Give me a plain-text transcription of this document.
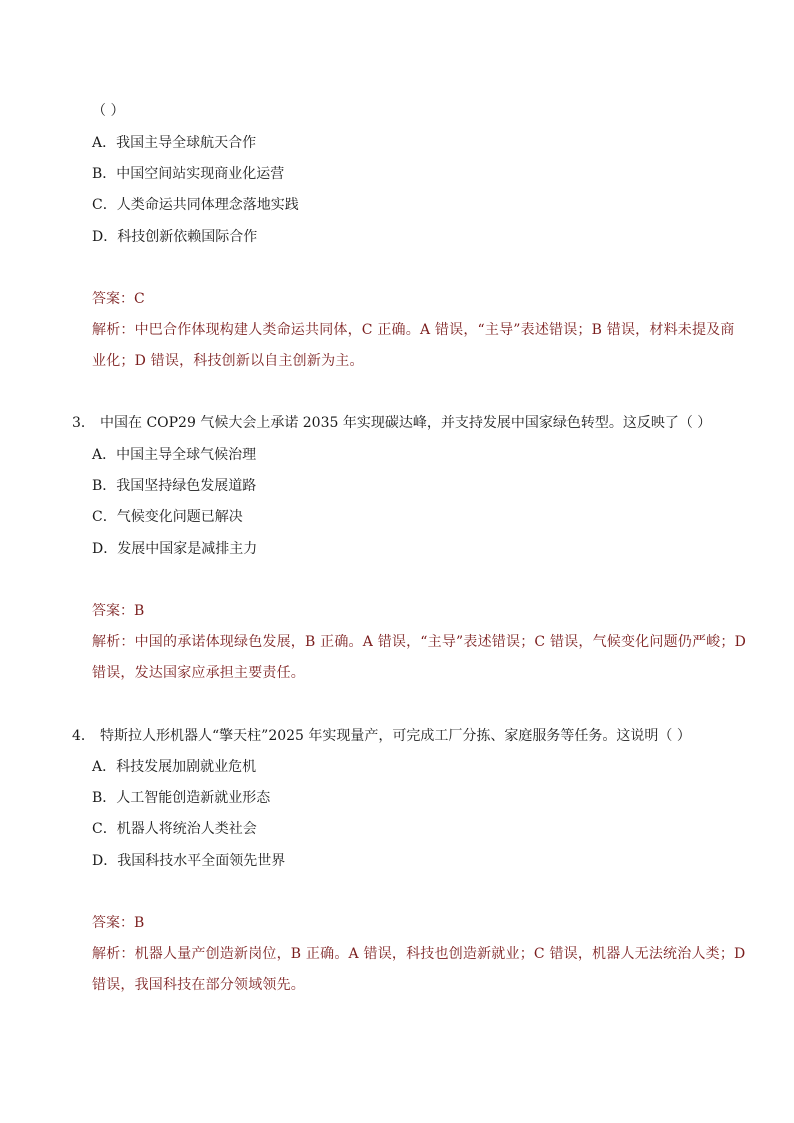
（ ）
A．我国主导全球航天合作
B．中国空间站实现商业化运营
C．人类命运共同体理念落地实践
D．科技创新依赖国际合作
答案：C
解析：中巴合作体现构建人类命运共同体，C 正确。A 错误，“主导”表述错误；B 错误，材料未提及商
业化；D 错误，科技创新以自主创新为主。
3． 中国在 COP29 气候大会上承诺 2035 年实现碳达峰，并支持发展中国家绿色转型。这反映了（ ）
A．中国主导全球气候治理
B．我国坚持绿色发展道路
C．气候变化问题已解决
D．发展中国家是减排主力
答案：B
解析：中国的承诺体现绿色发展，B 正确。A 错误，“主导”表述错误；C 错误，气候变化问题仍严峻；D
错误，发达国家应承担主要责任。
4． 特斯拉人形机器人“擎天柱”2025 年实现量产，可完成工厂分拣、家庭服务等任务。这说明（ ）
A．科技发展加剧就业危机
B．人工智能创造新就业形态
C．机器人将统治人类社会
D．我国科技水平全面领先世界
答案：B
解析：机器人量产创造新岗位，B 正确。A 错误，科技也创造新就业；C 错误，机器人无法统治人类；D
错误，我国科技在部分领域领先。
